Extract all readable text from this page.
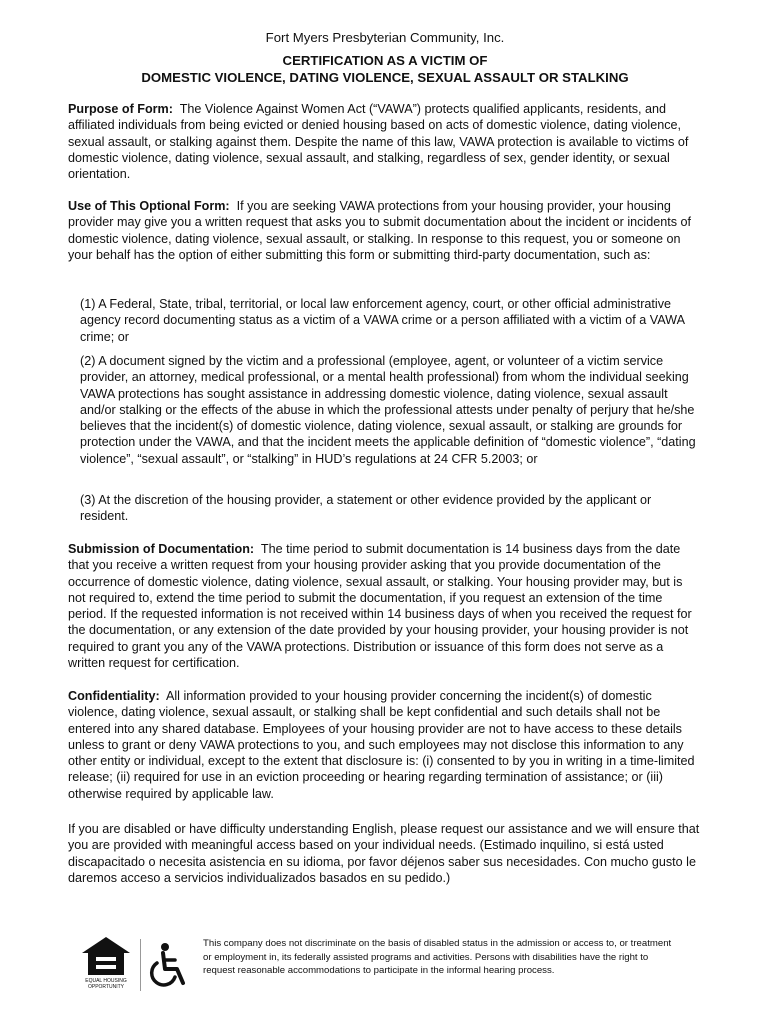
Fort Myers Presbyterian Community, Inc.
CERTIFICATION AS A VICTIM OF
DOMESTIC VIOLENCE, DATING VIOLENCE, SEXUAL ASSAULT OR STALKING

Purpose of Form: The Violence Against Women Act (“VAWA”) protects qualified applicants, residents, and affiliated individuals from being evicted or denied housing based on acts of domestic violence, dating violence, sexual assault, or stalking against them. Despite the name of this law, VAWA protection is available to victims of domestic violence, dating violence, sexual assault, and stalking, regardless of sex, gender identity, or sexual orientation.

Use of This Optional Form: If you are seeking VAWA protections from your housing provider, your housing provider may give you a written request that asks you to submit documentation about the incident or incidents of domestic violence, dating violence, sexual assault, or stalking. In response to this request, you or someone on your behalf has the option of either submitting this form or submitting third-party documentation, such as:

(1) A Federal, State, tribal, territorial, or local law enforcement agency, court, or other official administrative agency record documenting status as a victim of a VAWA crime or a person affiliated with a victim of a VAWA crime; or

(2) A document signed by the victim and a professional (employee, agent, or volunteer of a victim service provider, an attorney, medical professional, or a mental health professional) from whom the individual seeking VAWA protections has sought assistance in addressing domestic violence, dating violence, sexual assault and/or stalking or the effects of the abuse in which the professional attests under penalty of perjury that he/she believes that the incident(s) of domestic violence, dating violence, sexual assault, or stalking are grounds for protection under the VAWA, and that the incident meets the applicable definition of “domestic violence”, “dating violence”, “sexual assault”, or “stalking” in HUD’s regulations at 24 CFR 5.2003; or

(3) At the discretion of the housing provider, a statement or other evidence provided by the applicant or resident.

Submission of Documentation: The time period to submit documentation is 14 business days from the date that you receive a written request from your housing provider asking that you provide documentation of the occurrence of domestic violence, dating violence, sexual assault, or stalking. Your housing provider may, but is not required to, extend the time period to submit the documentation, if you request an extension of the time period. If the requested information is not received within 14 business days of when you received the request for the documentation, or any extension of the date provided by your housing provider, your housing provider is not required to grant you any of the VAWA protections. Distribution or issuance of this form does not serve as a written request for certification.

Confidentiality: All information provided to your housing provider concerning the incident(s) of domestic violence, dating violence, sexual assault, or stalking shall be kept confidential and such details shall not be entered into any shared database. Employees of your housing provider are not to have access to these details unless to grant or deny VAWA protections to you, and such employees may not disclose this information to any other entity or individual, except to the extent that disclosure is: (i) consented to by you in writing in a time-limited release; (ii) required for use in an eviction proceeding or hearing regarding termination of assistance; or (iii) otherwise required by applicable law.

If you are disabled or have difficulty understanding English, please request our assistance and we will ensure that you are provided with meaningful access based on your individual needs. (Estimado inquilino, si está usted discapacitado o necesita asistencia en su idioma, por favor déjenos saber sus necesidades. Con mucho gusto le daremos acceso a servicios individualizados basados en su pedido.)

EQUAL HOUSING
OPPORTUNITY

This company does not discriminate on the basis of disabled status in the admission or access to, or treatment or employment in, its federally assisted programs and activities. Persons with disabilities have the right to request reasonable accommodations to participate in the informal hearing process.
